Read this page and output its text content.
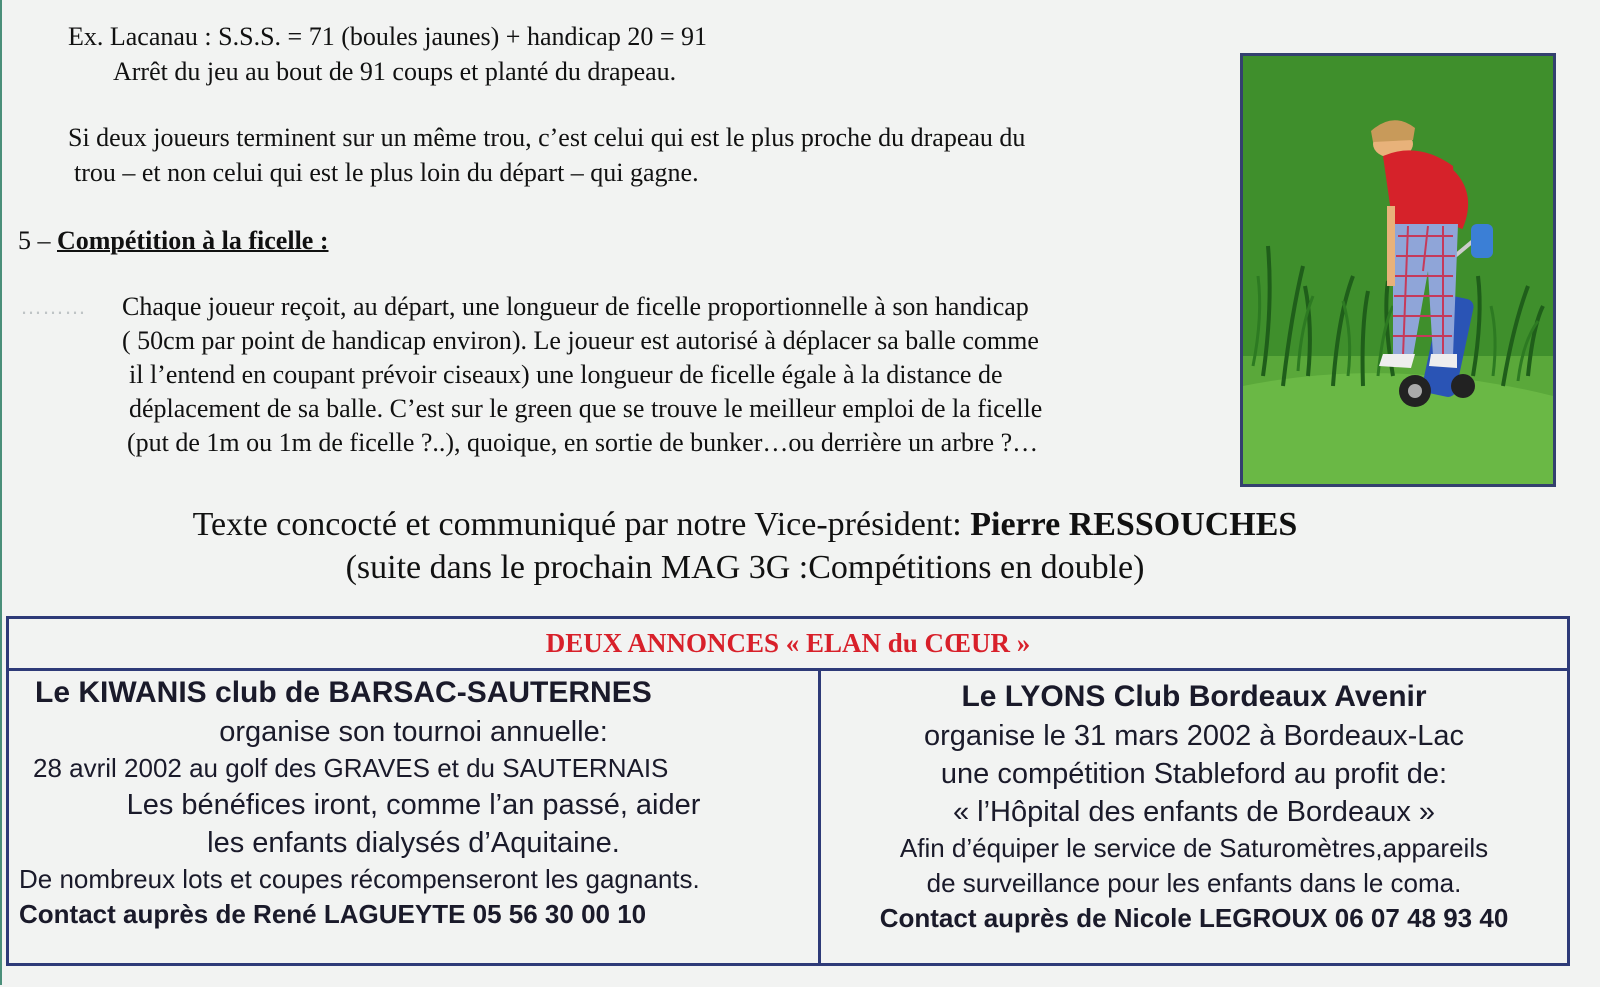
………
Ex. Lacanau : S.S.S. = 71 (boules jaunes) + handicap 20 = 91
Arrêt du jeu au bout de 91 coups et planté du drapeau.
Si deux joueurs terminent sur un même trou, c’est celui qui est le plus proche du drapeau du
trou – et non celui qui est le plus loin du départ – qui gagne.
5 – Compétition à la ficelle :
Chaque joueur reçoit, au départ, une longueur de ficelle proportionnelle à son handicap
( 50cm par point de handicap environ). Le joueur est autorisé à déplacer sa balle comme
il l’entend en coupant prévoir ciseaux) une longueur de ficelle égale à la distance de
déplacement de sa balle. C’est sur le green que se trouve le meilleur emploi de la ficelle
(put de 1m ou 1m de ficelle ?..), quoique, en sortie de bunker…ou derrière un arbre ?…
Texte concocté et communiqué par notre Vice-président: Pierre RESSOUCHES
(suite dans le prochain MAG 3G :Compétitions en double)
DEUX ANNONCES « ELAN du CŒUR »
Le KIWANIS club de BARSAC-SAUTERNES
organise son tournoi annuelle:
28 avril 2002 au golf des GRAVES et du SAUTERNAIS
Les bénéfices iront, comme l’an passé, aider
les enfants dialysés d’Aquitaine.
De nombreux lots et coupes récompenseront les gagnants.
Contact auprès de René LAGUEYTE 05 56 30 00 10
Le LYONS Club Bordeaux Avenir
organise le 31 mars 2002 à Bordeaux-Lac
une compétition Stableford au profit de:
« l’Hôpital des enfants de Bordeaux »
Afin d’équiper le service de Saturomètres,appareils
de surveillance pour les enfants dans le coma.
Contact auprès de Nicole LEGROUX 06 07 48 93 40
